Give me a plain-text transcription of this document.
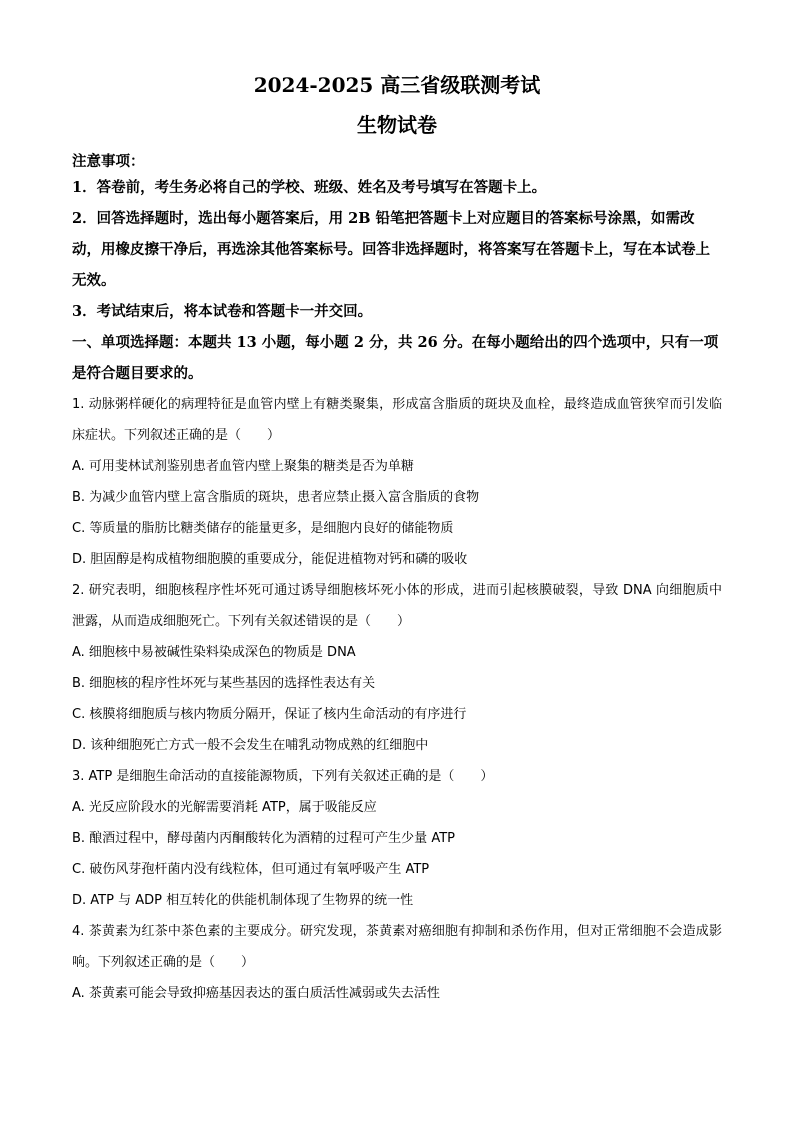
2024-2025 高三省级联测考试
生物试卷

注意事项：

1．答卷前，考生务必将自己的学校、班级、姓名及考号填写在答题卡上。

2．回答选择题时，选出每小题答案后，用 2B 铅笔把答题卡上对应题目的答案标号涂黑，如需改动，用橡皮擦干净后，再选涂其他答案标号。回答非选择题时，将答案写在答题卡上，写在本试卷上无效。

3．考试结束后，将本试卷和答题卡一并交回。

一、单项选择题：本题共 13 小题，每小题 2 分，共 26 分。在每小题给出的四个选项中，只有一项是符合题目要求的。

1. 动脉粥样硬化的病理特征是血管内壁上有糖类聚集，形成富含脂质的斑块及血栓，最终造成血管狭窄而引发临床症状。下列叙述正确的是（　　）

A. 可用斐林试剂鉴别患者血管内壁上聚集的糖类是否为单糖

B. 为减少血管内壁上富含脂质的斑块，患者应禁止摄入富含脂质的食物

C. 等质量的脂肪比糖类储存的能量更多，是细胞内良好的储能物质

D. 胆固醇是构成植物细胞膜的重要成分，能促进植物对钙和磷的吸收

2. 研究表明，细胞核程序性坏死可通过诱导细胞核坏死小体的形成，进而引起核膜破裂，导致 DNA 向细胞质中泄露，从而造成细胞死亡。下列有关叙述错误的是（　　）

A. 细胞核中易被碱性染料染成深色的物质是 DNA

B. 细胞核的程序性坏死与某些基因的选择性表达有关

C. 核膜将细胞质与核内物质分隔开，保证了核内生命活动的有序进行

D. 该种细胞死亡方式一般不会发生在哺乳动物成熟的红细胞中

3. ATP 是细胞生命活动的直接能源物质，下列有关叙述正确的是（　　）

A. 光反应阶段水的光解需要消耗 ATP，属于吸能反应

B. 酿酒过程中，酵母菌内丙酮酸转化为酒精的过程可产生少量 ATP

C. 破伤风芽孢杆菌内没有线粒体，但可通过有氧呼吸产生 ATP

D. ATP 与 ADP 相互转化的供能机制体现了生物界的统一性

4. 茶黄素为红茶中茶色素的主要成分。研究发现，茶黄素对癌细胞有抑制和杀伤作用，但对正常细胞不会造成影响。下列叙述正确的是（　　）

A. 茶黄素可能会导致抑癌基因表达的蛋白质活性减弱或失去活性
